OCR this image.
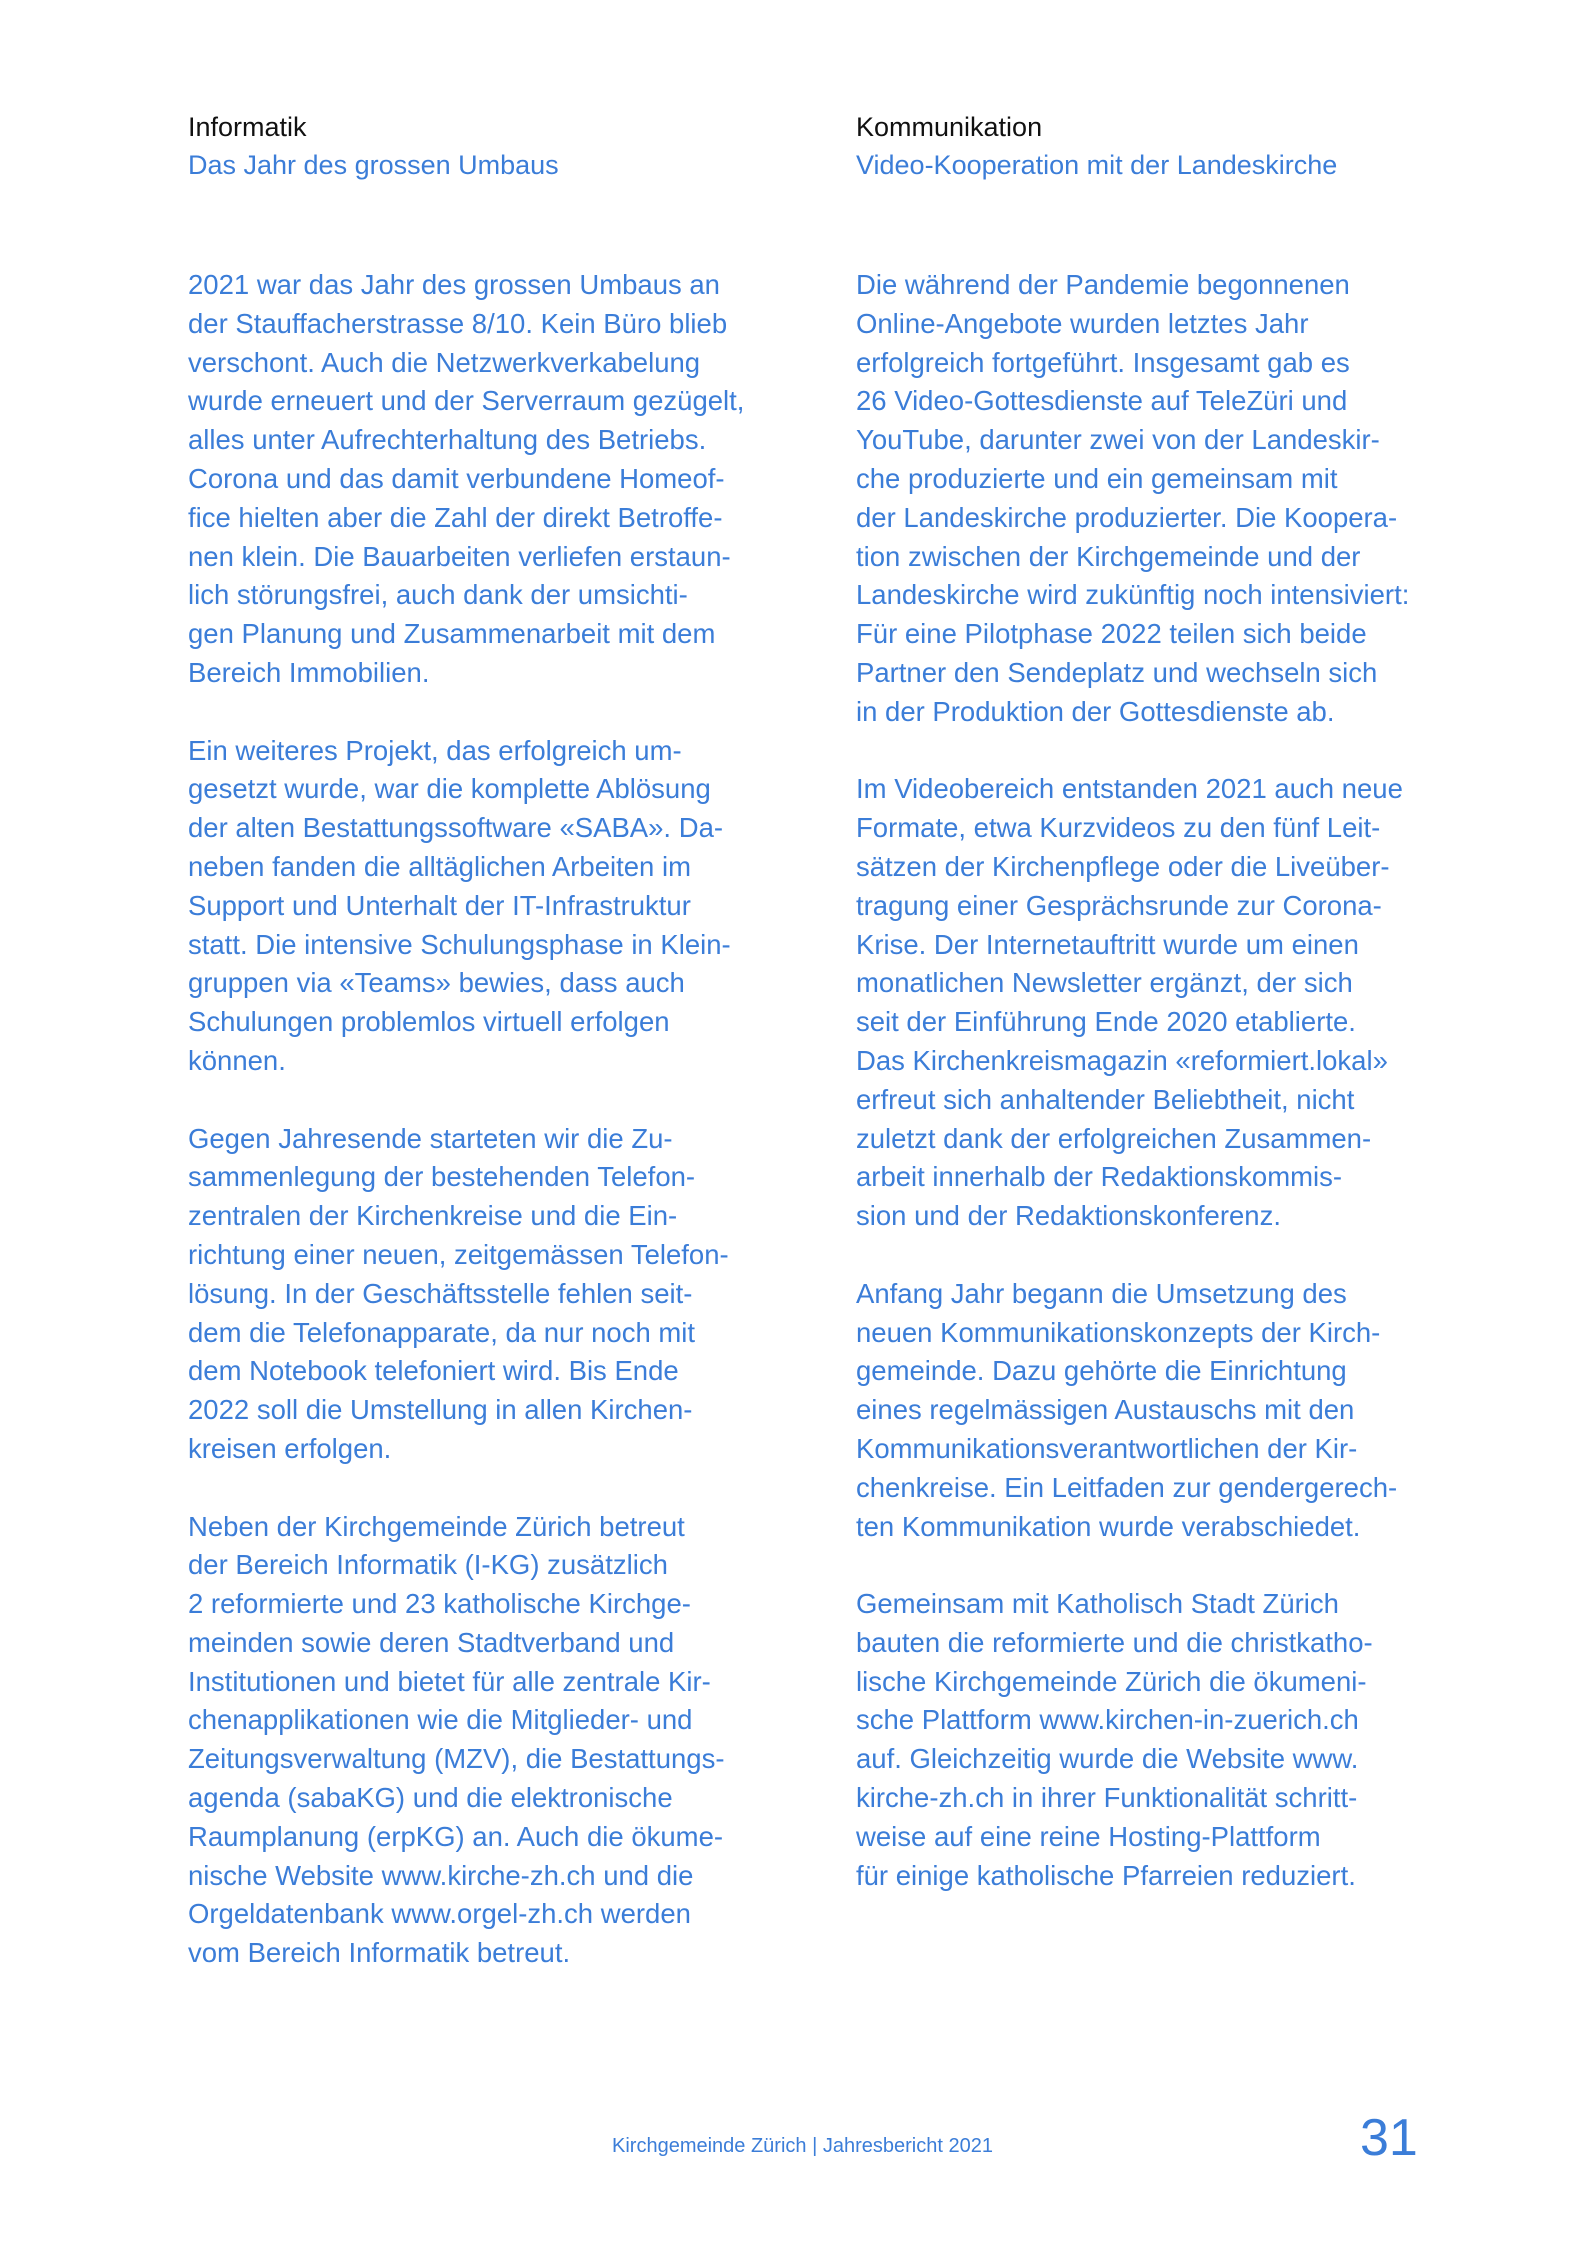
Informatik
Das Jahr des grossen Umbaus

2021 war das Jahr des grossen Umbaus an
der Stauffacherstrasse 8/10. Kein Büro blieb
verschont. Auch die Netzwerkverkabelung
wurde erneuert und der Serverraum gezügelt,
alles unter Aufrechterhaltung des Betriebs.
Corona und das damit verbundene Homeof-
fice hielten aber die Zahl der direkt Betroffe-
nen klein. Die Bauarbeiten verliefen erstaun-
lich störungsfrei, auch dank der umsichti-
gen Planung und Zusammenarbeit mit dem
Bereich Immobilien.

Ein weiteres Projekt, das erfolgreich um-
gesetzt wurde, war die komplette Ablösung
der alten Bestattungssoftware «SABA». Da-
neben fanden die alltäglichen Arbeiten im
Support und Unterhalt der IT-Infrastruktur
statt. Die intensive Schulungsphase in Klein-
gruppen via «Teams» bewies, dass auch
Schulungen problemlos virtuell erfolgen
können.

Gegen Jahresende starteten wir die Zu-
sammenlegung der bestehenden Telefon-
zentralen der Kirchenkreise und die Ein-
richtung einer neuen, zeitgemässen Telefon-
lösung. In der Geschäftsstelle fehlen seit-
dem die Telefonapparate, da nur noch mit
dem Notebook telefoniert wird. Bis Ende
2022 soll die Umstellung in allen Kirchen-
kreisen erfolgen.

Neben der Kirchgemeinde Zürich betreut
der Bereich Informatik (I-KG) zusätzlich
2 reformierte und 23 katholische Kirchge-
meinden sowie deren Stadtverband und
Institutionen und bietet für alle zentrale Kir-
chenapplikationen wie die Mitglieder- und
Zeitungsverwaltung (MZV), die Bestattungs-
agenda (sabaKG) und die elektronische
Raumplanung (erpKG) an. Auch die ökume-
nische Website www.kirche-zh.ch und die
Orgeldatenbank www.orgel-zh.ch werden
vom Bereich Informatik betreut.

Kommunikation
Video-Kooperation mit der Landeskirche

Die während der Pandemie begonnenen
Online-Angebote wurden letztes Jahr
erfolgreich fortgeführt. Insgesamt gab es
26 Video-Gottesdienste auf TeleZüri und
YouTube, darunter zwei von der Landeskir-
che produzierte und ein gemeinsam mit
der Landeskirche produzierter. Die Koopera-
tion zwischen der Kirchgemeinde und der
Landeskirche wird zukünftig noch intensiviert:
Für eine Pilotphase 2022 teilen sich beide
Partner den Sendeplatz und wechseln sich
in der Produktion der Gottesdienste ab.

Im Videobereich entstanden 2021 auch neue
Formate, etwa Kurzvideos zu den fünf Leit-
sätzen der Kirchenpflege oder die Liveüber-
tragung einer Gesprächsrunde zur Corona-
Krise. Der Internetauftritt wurde um einen
monatlichen Newsletter ergänzt, der sich
seit der Einführung Ende 2020 etablierte.
Das Kirchenkreismagazin «reformiert.lokal»
erfreut sich anhaltender Beliebtheit, nicht
zuletzt dank der erfolgreichen Zusammen-
arbeit innerhalb der Redaktionskommis-
sion und der Redaktionskonferenz.

Anfang Jahr begann die Umsetzung des
neuen Kommunikationskonzepts der Kirch-
gemeinde. Dazu gehörte die Einrichtung
eines regelmässigen Austauschs mit den
Kommunikationsverantwortlichen der Kir-
chenkreise. Ein Leitfaden zur gendergerech-
ten Kommunikation wurde verabschiedet.

Gemeinsam mit Katholisch Stadt Zürich
bauten die reformierte und die christkatho-
lische Kirchgemeinde Zürich die ökumeni-
sche Plattform www.kirchen-in-zuerich.ch
auf. Gleichzeitig wurde die Website www.
kirche-zh.ch in ihrer Funktionalität schritt-
weise auf eine reine Hosting-Plattform
für einige katholische Pfarreien reduziert.

Kirchgemeinde Zürich | Jahresbericht 2021	31
